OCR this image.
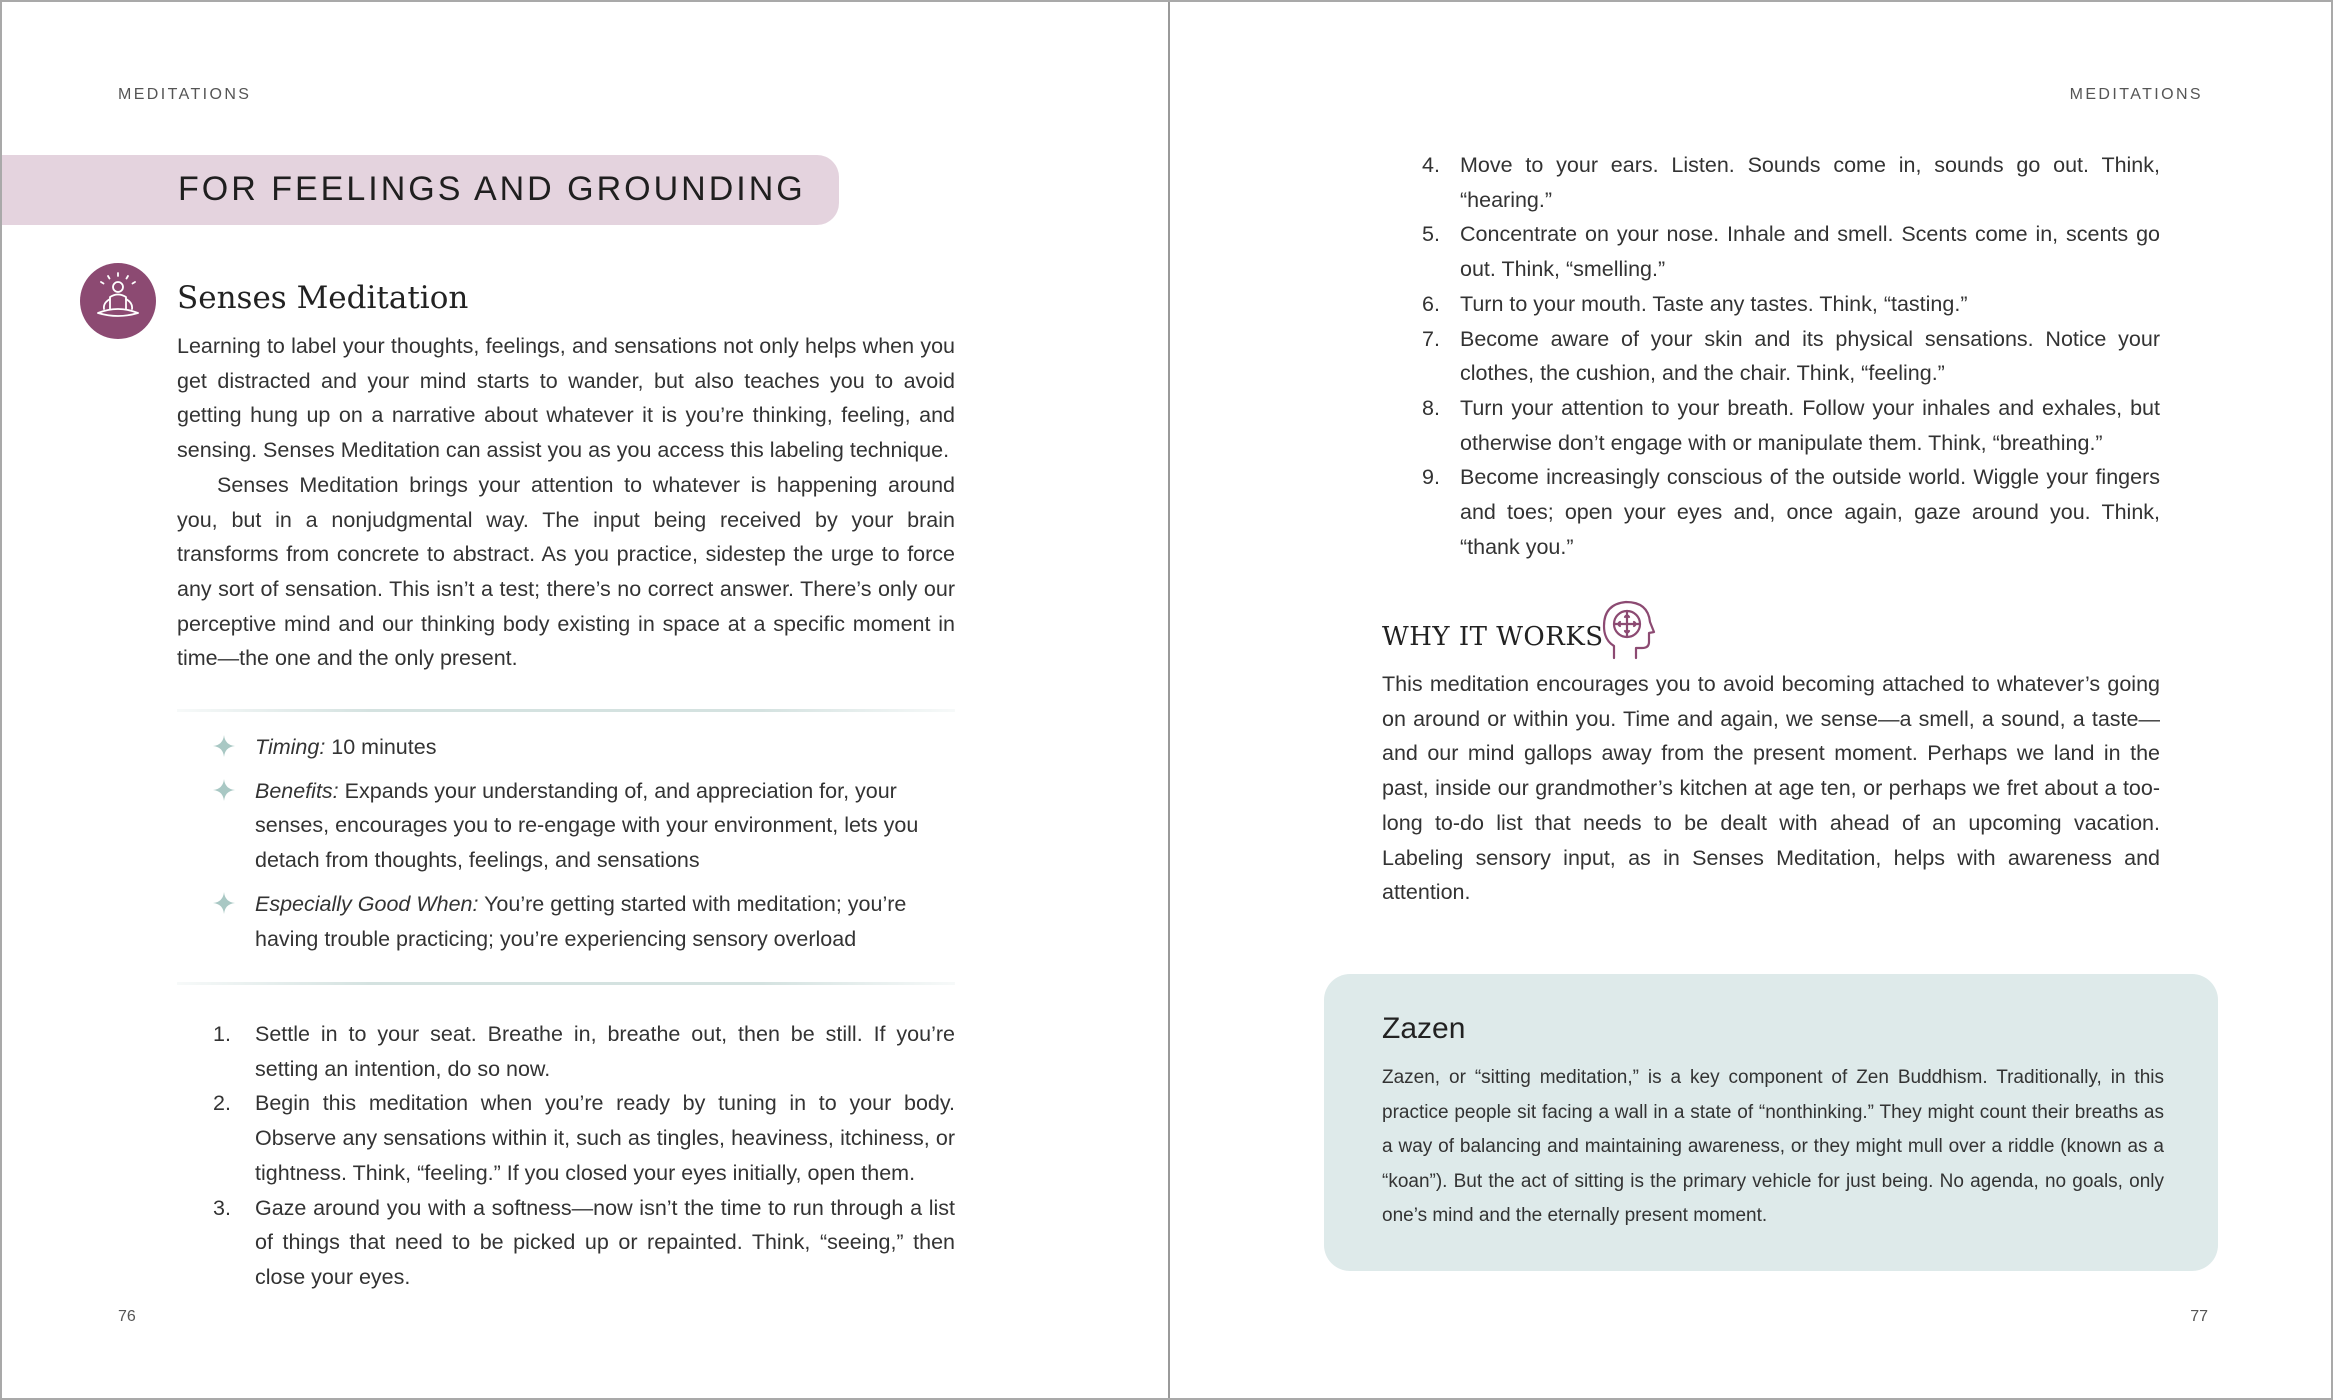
MEDITATIONS
FOR FEELINGS AND GROUNDING
Senses Meditation

Learning to label your thoughts, feelings, and sensations not only helps when you get distracted and your mind starts to wander, but also teaches you to avoid getting hung up on a narrative about whatever it is you’re thinking, feeling, and sensing. Senses Meditation can assist you as you access this labeling technique.

Senses Meditation brings your attention to whatever is happening around you, but in a nonjudgmental way. The input being received by your brain transforms from concrete to abstract. As you practice, sidestep the urge to force any sort of sensation. This isn’t a test; there’s no correct answer. There’s only our perceptive mind and our thinking body existing in space at a specific moment in time—the one and the only present.

Timing: 10 minutes
Benefits: Expands your understanding of, and appreciation for, your senses, encourages you to re-engage with your environment, lets you detach from thoughts, feelings, and sensations
Especially Good When: You’re getting started with meditation; you’re having trouble practicing; you’re experiencing sensory overload
1. Settle in to your seat. Breathe in, breathe out, then be still. If you’re setting an intention, do so now.
2. Begin this meditation when you’re ready by tuning in to your body. Observe any sensations within it, such as tingles, heaviness, itchiness, or tightness. Think, “feeling.” If you closed your eyes initially, open them.
3. Gaze around you with a softness—now isn’t the time to run through a list of things that need to be picked up or repainted. Think, “seeing,” then close your eyes.
76
MEDITATIONS
4. Move to your ears. Listen. Sounds come in, sounds go out. Think, “hearing.”
5. Concentrate on your nose. Inhale and smell. Scents come in, scents go out. Think, “smelling.”
6. Turn to your mouth. Taste any tastes. Think, “tasting.”
7. Become aware of your skin and its physical sensations. Notice your clothes, the cushion, and the chair. Think, “feeling.”
8. Turn your attention to your breath. Follow your inhales and exhales, but otherwise don’t engage with or manipulate them. Think, “breathing.”
9. Become increasingly conscious of the outside world. Wiggle your fingers and toes; open your eyes and, once again, gaze around you. Think, “thank you.”
WHY IT WORKS

This meditation encourages you to avoid becoming attached to whatever’s going on around or within you. Time and again, we sense—a smell, a sound, a taste—and our mind gallops away from the present moment. Perhaps we land in the past, inside our grandmother’s kitchen at age ten, or perhaps we fret about a too-long to-do list that needs to be dealt with ahead of an upcoming vacation. Labeling sensory input, as in Senses Meditation, helps with awareness and attention.

Zazen

Zazen, or “sitting meditation,” is a key component of Zen Buddhism. Traditionally, in this practice people sit facing a wall in a state of “nonthinking.” They might count their breaths as a way of balancing and maintaining awareness, or they might mull over a riddle (known as a “koan”). But the act of sitting is the primary vehicle for just being. No agenda, no goals, only one’s mind and the eternally present moment.

77
